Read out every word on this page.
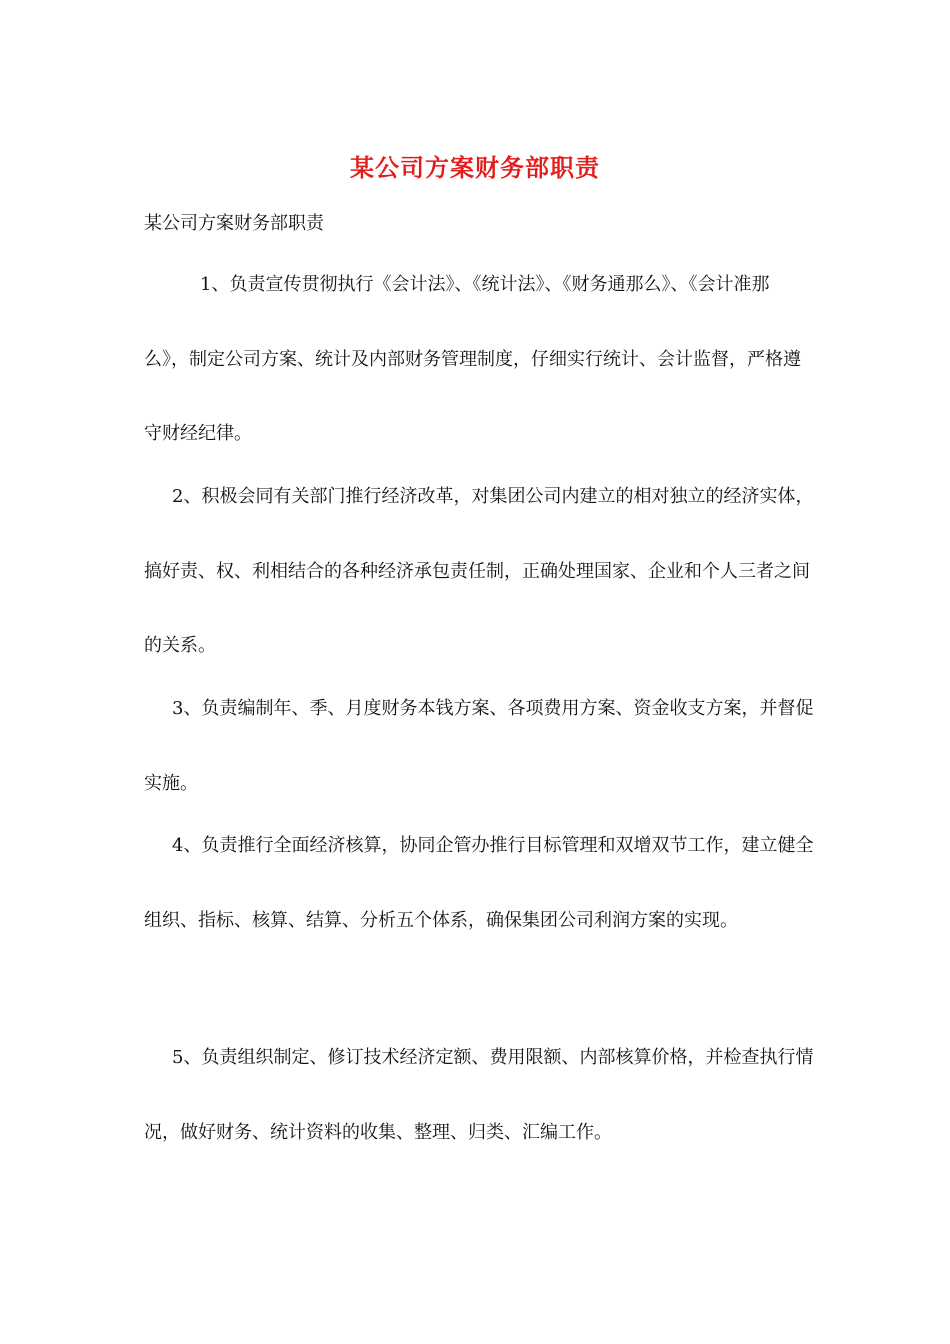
某公司方案财务部职责
某公司方案财务部职责

1、负责宣传贯彻执行《会计法》、《统计法》、《财务通那么》、《会计准那么》，制定公司方案、统计及内部财务管理制度，仔细实行统计、会计监督，严格遵守财经纪律。

2、积极会同有关部门推行经济改革，对集团公司内建立的相对独立的经济实体，搞好责、权、利相结合的各种经济承包责任制，正确处理国家、企业和个人三者之间的关系。

3、负责编制年、季、月度财务本钱方案、各项费用方案、资金收支方案，并督促实施。

4、负责推行全面经济核算，协同企管办推行目标管理和双增双节工作，建立健全组织、指标、核算、结算、分析五个体系，确保集团公司利润方案的实现。

5、负责组织制定、修订技术经济定额、费用限额、内部核算价格，并检查执行情况，做好财务、统计资料的收集、整理、归类、汇编工作。
